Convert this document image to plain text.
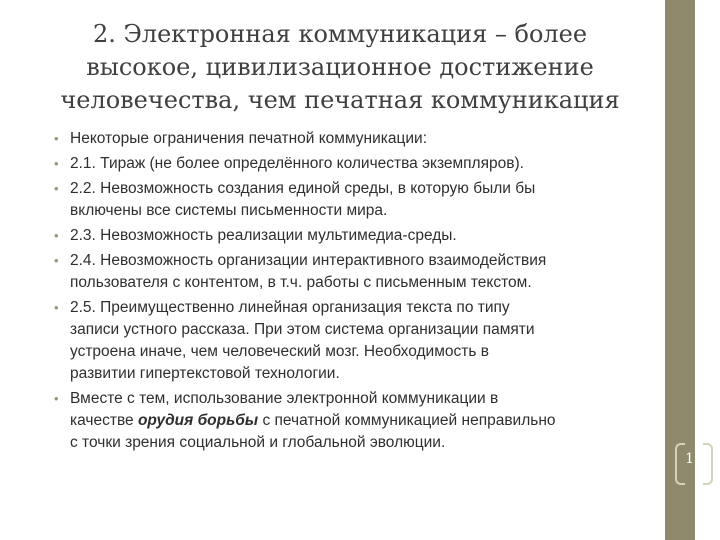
2. Электронная коммуникация – более
высокое, цивилизационное достижение
человечества, чем печатная коммуникация
• Некоторые ограничения печатной коммуникации:
• 2.1. Тираж (не более определённого количества экземпляров).
• 2.2. Невозможность создания единой среды, в которую были бы
включены все системы письменности мира.
• 2.3. Невозможность реализации мультимедиа-среды.
• 2.4. Невозможность организации интерактивного взаимодействия
пользователя с контентом, в т.ч. работы с письменным текстом.
• 2.5. Преимущественно линейная организация текста по типу
записи устного рассказа. При этом система организации памяти
устроена иначе, чем человеческий мозг. Необходимость в
развитии гипертекстовой технологии.
• Вместе с тем, использование электронной коммуникации в
качестве орудия борьбы с печатной коммуникацией неправильно
с точки зрения социальной и глобальной эволюции.
18
